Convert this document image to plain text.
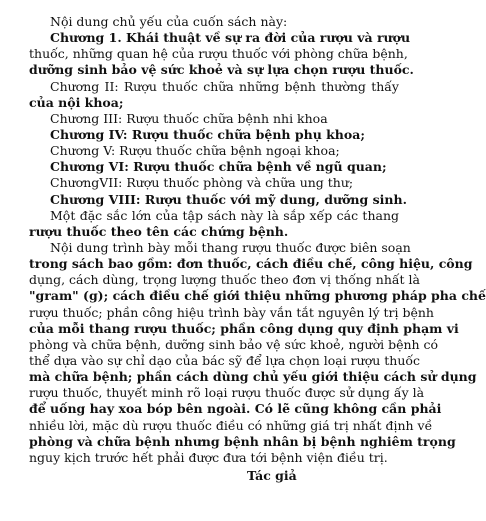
Nội dung chủ yếu của cuốn sách này:
Chương 1. Khái thuật về sự ra đời của rượu và rượu
thuốc, những quan hệ của rượu thuốc với phòng chữa bệnh,
dưỡng sinh bảo vệ sức khoẻ và sự lựa chọn rượu thuốc.
Chương II: Rượu thuốc chữa những bệnh thường thấy
của nội khoa;
Chương III: Rượu thuốc chữa bệnh nhi khoa
Chương IV: Rượu thuốc chữa bệnh phụ khoa;
Chương V: Rượu thuốc chữa bệnh ngoại khoa;
Chương VI: Rượu thuốc chữa bệnh về ngũ quan;
ChươngVII: Rượu thuốc phòng và chữa ung thư;
Chương VIII: Rượu thuốc với mỹ dung, dưỡng sinh.
Một đặc sắc lớn của tập sách này là sắp xếp các thang
rượu thuốc theo tên các chứng bệnh.
Nội dung trình bày mỗi thang rượu thuốc được biên soạn
trong sách bao gồm: đơn thuốc, cách điều chế, công hiệu, công
dụng, cách dùng, trọng lượng thuốc theo đơn vị thống nhất là
"gram" (g); cách điều chế giới thiệu những phương pháp pha chế
rượu thuốc; phần công hiệu trình bày vắn tắt nguyên lý trị bệnh
của mỗi thang rượu thuốc; phần công dụng quy định phạm vi
phòng và chữa bệnh, dưỡng sinh bảo vệ sức khoẻ, người bệnh có
thể dựa vào sự chỉ dạo của bác sỹ để lựa chọn loại rượu thuốc
mà chữa bệnh; phần cách dùng chủ yếu giới thiệu cách sử dụng
rượu thuốc, thuyết minh rõ loại rượu thuốc được sử dụng ấy là
để uống hay xoa bóp bên ngoài. Có lẽ cũng không cần phải
nhiều lời, mặc dù rượu thuốc điều có những giá trị nhất định về
phòng và chữa bệnh nhưng bệnh nhân bị bệnh nghiêm trọng
nguy kịch trước hết phải được đưa tới bệnh viện điều trị.
Tác giả
